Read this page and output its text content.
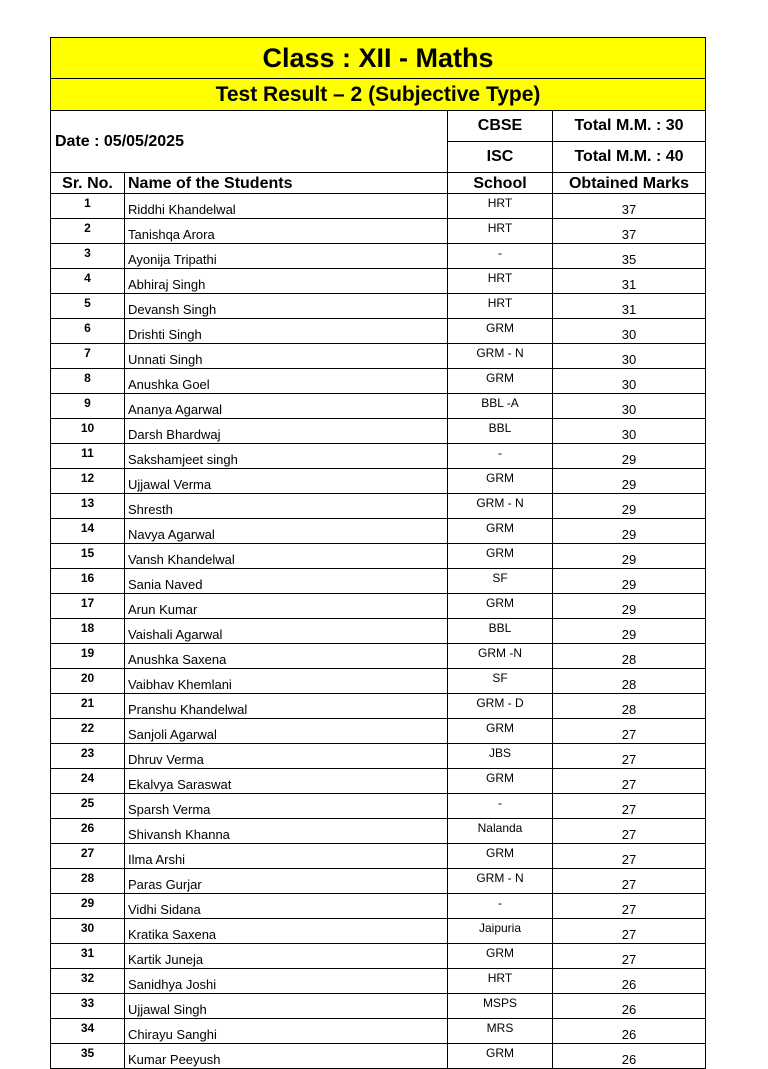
Class : XII - Maths			
Test Result – 2 (Subjective Type)			
Date : 05/05/2025		CBSE	Total M.M. : 30
		ISC	Total M.M. : 40
Sr. No.	Name of the Students	School	Obtained Marks
1	Riddhi Khandelwal	HRT	37
2	Tanishqa Arora	HRT	37
3	Ayonija Tripathi	-	35
4	Abhiraj Singh	HRT	31
5	Devansh Singh	HRT	31
6	Drishti Singh	GRM	30
7	Unnati Singh	GRM - N	30
8	Anushka Goel	GRM	30
9	Ananya Agarwal	BBL -A	30
10	Darsh Bhardwaj	BBL	30
11	Sakshamjeet singh	-	29
12	Ujjawal Verma	GRM	29
13	Shresth	GRM - N	29
14	Navya Agarwal	GRM	29
15	Vansh Khandelwal	GRM	29
16	Sania Naved	SF	29
17	Arun Kumar	GRM	29
18	Vaishali Agarwal	BBL	29
19	Anushka Saxena	GRM -N	28
20	Vaibhav Khemlani	SF	28
21	Pranshu Khandelwal	GRM - D	28
22	Sanjoli Agarwal	GRM	27
23	Dhruv Verma	JBS	27
24	Ekalvya Saraswat	GRM	27
25	Sparsh Verma	-	27
26	Shivansh Khanna	Nalanda	27
27	Ilma Arshi	GRM	27
28	Paras Gurjar	GRM - N	27
29	Vidhi Sidana	-	27
30	Kratika Saxena	Jaipuria	27
31	Kartik Juneja	GRM	27
32	Sanidhya Joshi	HRT	26
33	Ujjawal Singh	MSPS	26
34	Chirayu Sanghi	MRS	26
35	Kumar Peeyush	GRM	26
